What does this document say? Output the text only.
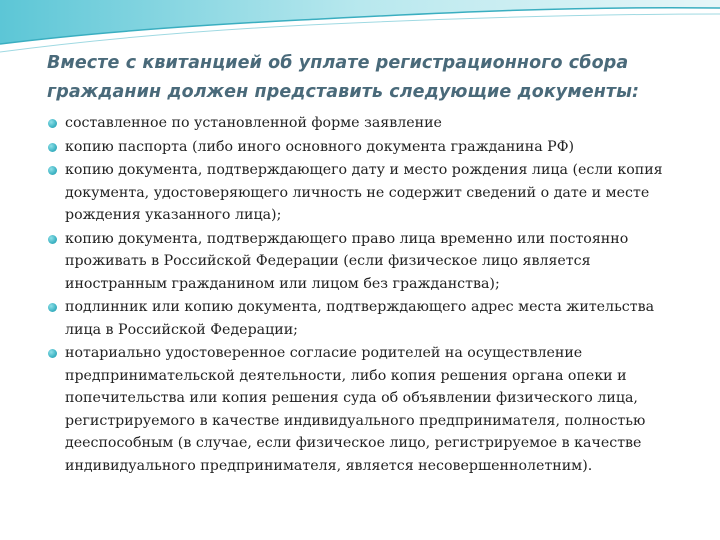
Вместе с квитанцией об уплате регистрационного сбора гражданин должен представить следующие документы:
составленное по установленной форме заявление
копию паспорта (либо иного основного документа гражданина РФ)
копию документа, подтверждающего дату и место рождения лица (если копия документа, удостоверяющего личность не содержит сведений о дате и месте рождения указанного лица);
копию документа, подтверждающего право лица временно или постоянно проживать в Российской Федерации (если физическое лицо является иностранным гражданином или лицом без гражданства);
подлинник или копию документа, подтверждающего адрес места жительства лица в Российской Федерации;
нотариально удостоверенное согласие родителей на осуществление предпринимательской деятельности, либо копия решения органа опеки и попечительства или копия решения суда об объявлении физического лица, регистрируемого в качестве индивидуального предпринимателя, полностью дееспособным (в случае, если физическое лицо, регистрируемое в качестве индивидуального предпринимателя, является несовершеннолетним).
